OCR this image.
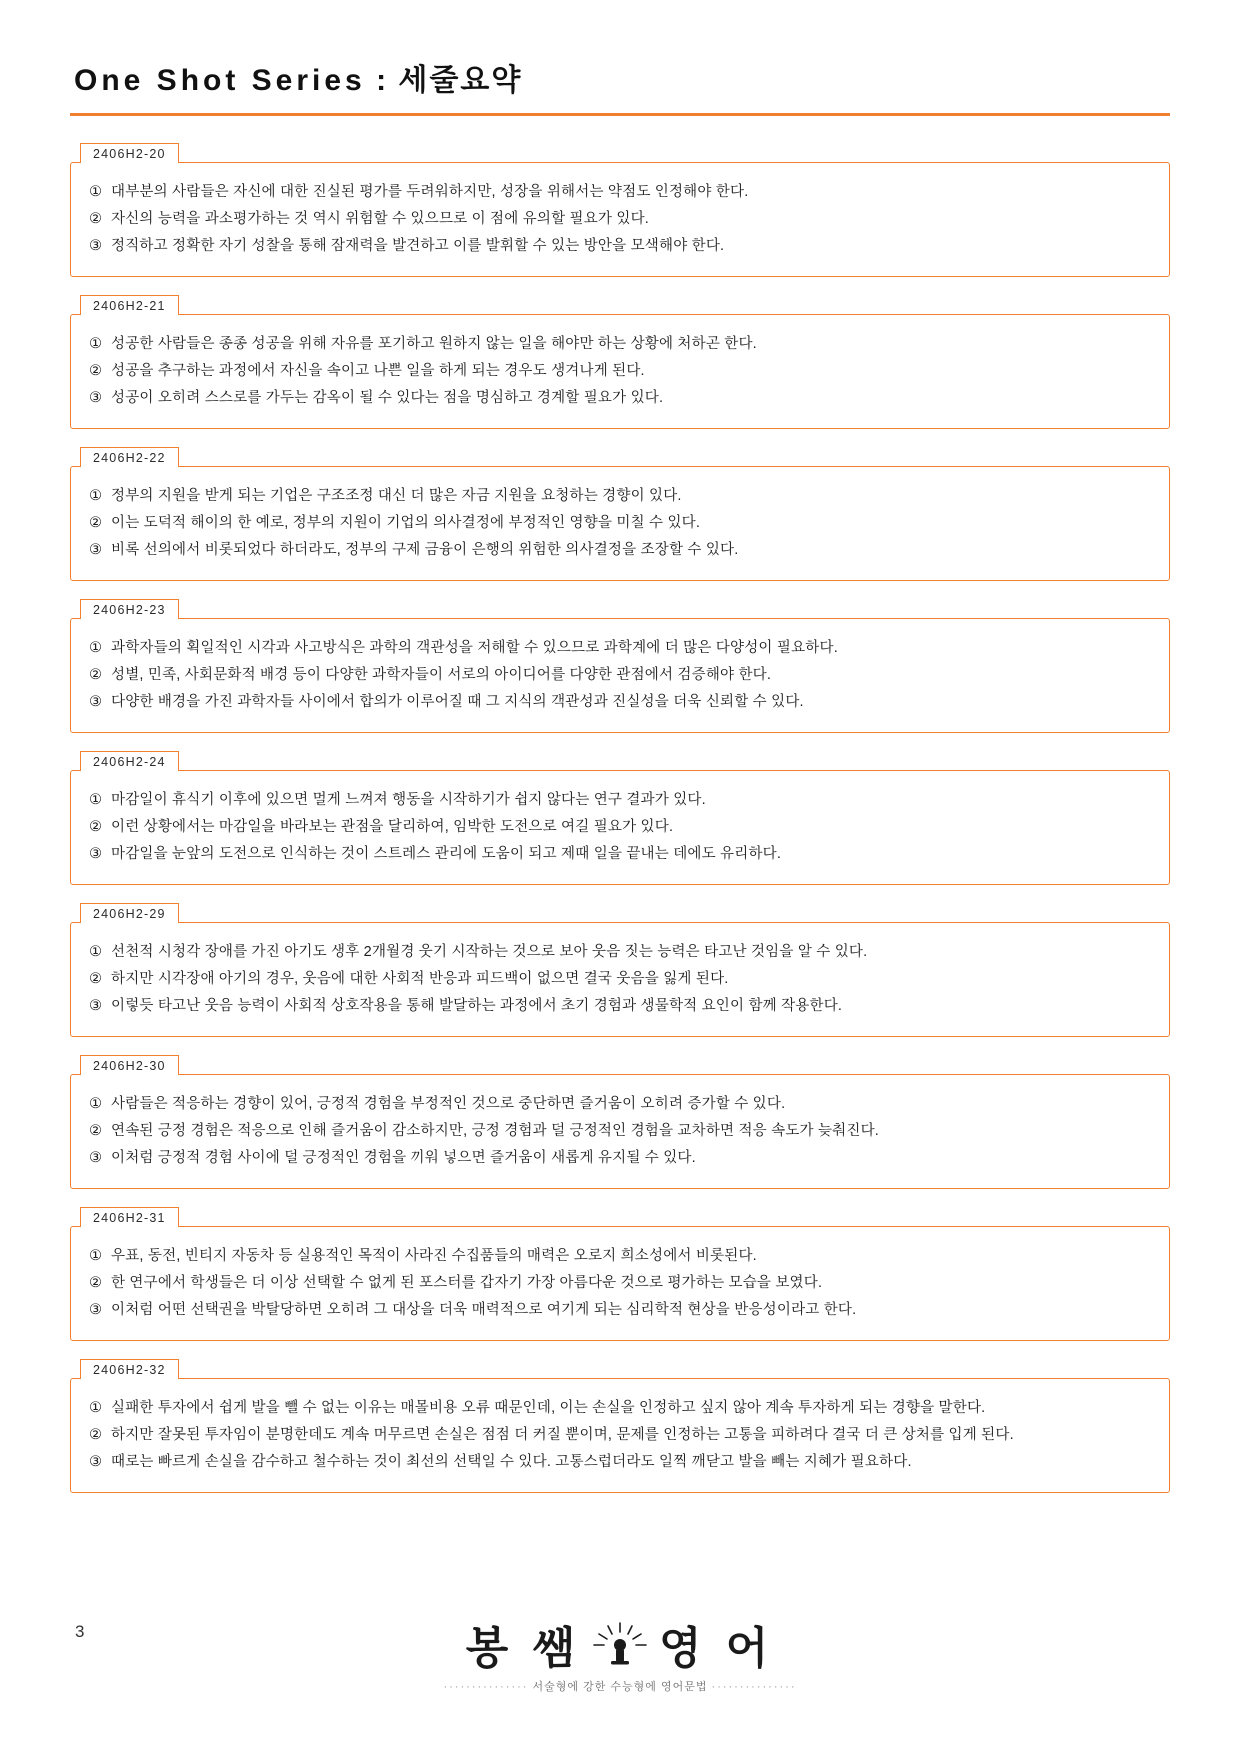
One Shot Series : 세줄요약
2406H2-20
① 대부분의 사람들은 자신에 대한 진실된 평가를 두려워하지만, 성장을 위해서는 약점도 인정해야 한다.
② 자신의 능력을 과소평가하는 것 역시 위험할 수 있으므로 이 점에 유의할 필요가 있다.
③ 정직하고 정확한 자기 성찰을 통해 잠재력을 발견하고 이를 발휘할 수 있는 방안을 모색해야 한다.
2406H2-21
① 성공한 사람들은 종종 성공을 위해 자유를 포기하고 원하지 않는 일을 해야만 하는 상황에 처하곤 한다.
② 성공을 추구하는 과정에서 자신을 속이고 나쁜 일을 하게 되는 경우도 생겨나게 된다.
③ 성공이 오히려 스스로를 가두는 감옥이 될 수 있다는 점을 명심하고 경계할 필요가 있다.
2406H2-22
① 정부의 지원을 받게 되는 기업은 구조조정 대신 더 많은 자금 지원을 요청하는 경향이 있다.
② 이는 도덕적 해이의 한 예로, 정부의 지원이 기업의 의사결정에 부정적인 영향을 미칠 수 있다.
③ 비록 선의에서 비롯되었다 하더라도, 정부의 구제 금융이 은행의 위험한 의사결정을 조장할 수 있다.
2406H2-23
① 과학자들의 획일적인 시각과 사고방식은 과학의 객관성을 저해할 수 있으므로 과학계에 더 많은 다양성이 필요하다.
② 성별, 민족, 사회문화적 배경 등이 다양한 과학자들이 서로의 아이디어를 다양한 관점에서 검증해야 한다.
③ 다양한 배경을 가진 과학자들 사이에서 합의가 이루어질 때 그 지식의 객관성과 진실성을 더욱 신뢰할 수 있다.
2406H2-24
① 마감일이 휴식기 이후에 있으면 멀게 느껴져 행동을 시작하기가 쉽지 않다는 연구 결과가 있다.
② 이런 상황에서는 마감일을 바라보는 관점을 달리하여, 임박한 도전으로 여길 필요가 있다.
③ 마감일을 눈앞의 도전으로 인식하는 것이 스트레스 관리에 도움이 되고 제때 일을 끝내는 데에도 유리하다.
2406H2-29
① 선천적 시청각 장애를 가진 아기도 생후 2개월경 웃기 시작하는 것으로 보아 웃음 짓는 능력은 타고난 것임을 알 수 있다.
② 하지만 시각장애 아기의 경우, 웃음에 대한 사회적 반응과 피드백이 없으면 결국 웃음을 잃게 된다.
③ 이렇듯 타고난 웃음 능력이 사회적 상호작용을 통해 발달하는 과정에서 초기 경험과 생물학적 요인이 함께 작용한다.
2406H2-30
① 사람들은 적응하는 경향이 있어, 긍정적 경험을 부정적인 것으로 중단하면 즐거움이 오히려 증가할 수 있다.
② 연속된 긍정 경험은 적응으로 인해 즐거움이 감소하지만, 긍정 경험과 덜 긍정적인 경험을 교차하면 적응 속도가 늦춰진다.
③ 이처럼 긍정적 경험 사이에 덜 긍정적인 경험을 끼워 넣으면 즐거움이 새롭게 유지될 수 있다.
2406H2-31
① 우표, 동전, 빈티지 자동차 등 실용적인 목적이 사라진 수집품들의 매력은 오로지 희소성에서 비롯된다.
② 한 연구에서 학생들은 더 이상 선택할 수 없게 된 포스터를 갑자기 가장 아름다운 것으로 평가하는 모습을 보였다.
③ 이처럼 어떤 선택권을 박탈당하면 오히려 그 대상을 더욱 매력적으로 여기게 되는 심리학적 현상을 반응성이라고 한다.
2406H2-32
① 실패한 투자에서 쉽게 발을 뺄 수 없는 이유는 매몰비용 오류 때문인데, 이는 손실을 인정하고 싶지 않아 계속 투자하게 되는 경향을 말한다.
② 하지만 잘못된 투자임이 분명한데도 계속 머무르면 손실은 점점 더 커질 뿐이며, 문제를 인정하는 고통을 피하려다 결국 더 큰 상처를 입게 된다.
③ 때로는 빠르게 손실을 감수하고 철수하는 것이 최선의 선택일 수 있다. 고통스럽더라도 일찍 깨닫고 발을 빼는 지혜가 필요하다.
3	봉 쌤 영 어
··············· 서술형에 강한 수능형에 영어문법 ···············
